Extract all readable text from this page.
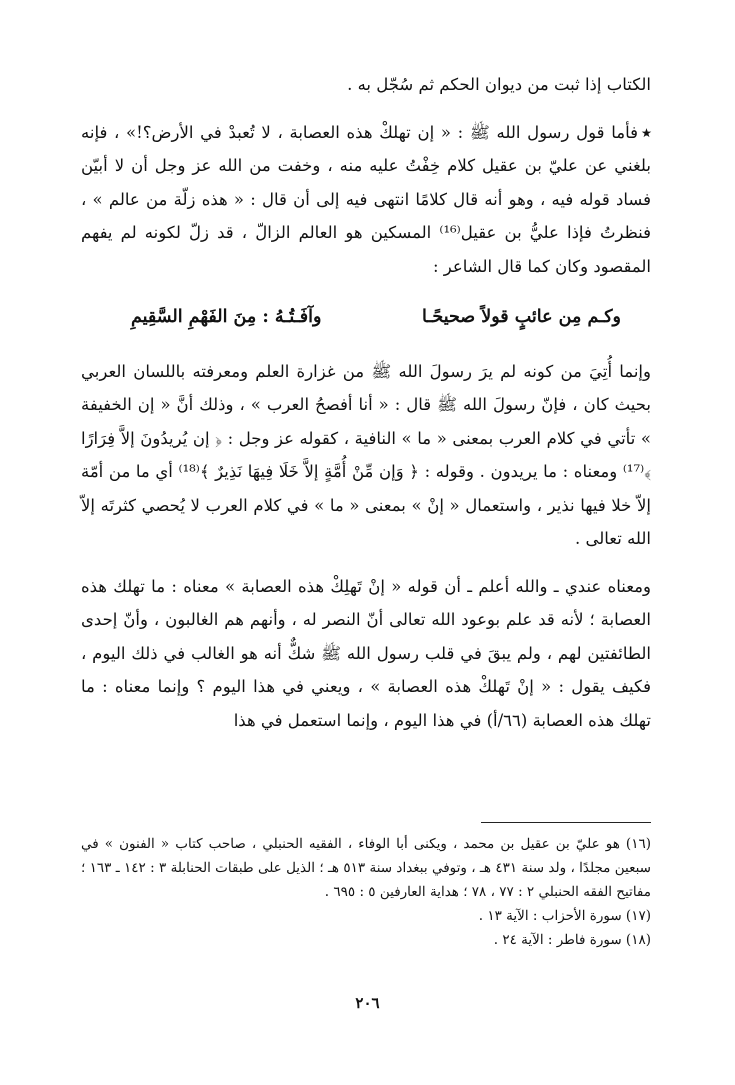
الكتاب إذا ثبت من ديوان الحكم ثم سُجّل به .

٭فأما قول رسول الله ﷺ : « إن تهلكْ هذه العصابة ، لا تُعبدْ في الأرض؟!» ، فإنه بلغني عن عليّ بن عقيل كلام خِفْتُ عليه منه ، وخفت من الله عز وجل أن لا أبيّن فساد قوله فيه ، وهو أنه قال كلامًا انتهى فيه إلى أن قال : « هذه زلّة من عالم » ، فنظرتُ فإذا عليُّ بن عقيل⁽¹⁶⁾ المسكين هو العالم الزالّ ، قد زلّ لكونه لم يفهم المقصود وكان كما قال الشاعر :

وكـم مِن عائبٍ قولاً صحيحًـا
وآفَـتُـهُ : مِنَ الفَهْمِ السَّقِيمِ

وإنما أُتِيَ من كونه لم يرَ رسولَ الله ﷺ من غزارة العلم ومعرفته باللسان العربي بحيث كان ، فإنّ رسولَ الله ﷺ قال : « أنا أفصحُ العرب » ، وذلك أنَّ « إن الخفيفة » تأتي في كلام العرب بمعنى « ما » النافية ، كقوله عز وجل : ﴿ إن يُريدُونَ إلاَّ فِرَارًا ﴾⁽¹⁷⁾ ومعناه : ما يريدون . وقوله : ﴿ وَإن مِّنْ أُمَّةٍ إلاَّ خَلَا فِيهَا نَذِيرٌ ﴾⁽¹⁸⁾ أي ما من أمّة إلاّ خلا فيها نذير ، واستعمال « إنْ » بمعنى « ما » في كلام العرب لا يُحصي كثرتَه إلاّ الله تعالى .

ومعناه عندي ـ والله أعلم ـ أن قوله « إنْ تَهلِكْ هذه العصابة » معناه : ما تهلك هذه العصابة ؛ لأنه قد علم بوعود الله تعالى أنّ النصر له ، وأنهم هم الغالبون ، وأنّ إحدى الطائفتين لهم ، ولم يبقَ في قلب رسول الله ﷺ شكٌّ أنه هو الغالب في ذلك اليوم ، فكيف يقول : « إنْ تَهلكْ هذه العصابة » ، ويعني في هذا اليوم ؟ وإنما معناه : ما تهلك هذه العصابة (٦٦/أ) في هذا اليوم ، وإنما استعمل في هذا

(١٦) هو عليّ بن عقيل بن محمد ، ويكنى أبا الوفاء ، الفقيه الحنبلي ، صاحب كتاب « الفنون » في سبعين مجلدًا ، ولد سنة ٤٣١ هـ ، وتوفي ببغداد سنة ٥١٣ هـ ؛ الذيل على طبقات الحنابلة ٣ : ١٤٢ ـ ١٦٣ ؛ مفاتيح الفقه الحنبلي ٢ : ٧٧ ، ٧٨ ؛ هداية العارفين ٥ : ٦٩٥ .

(١٧) سورة الأحزاب : الآية ١٣ .

(١٨) سورة فاطر : الآية ٢٤ .

٢٠٦
